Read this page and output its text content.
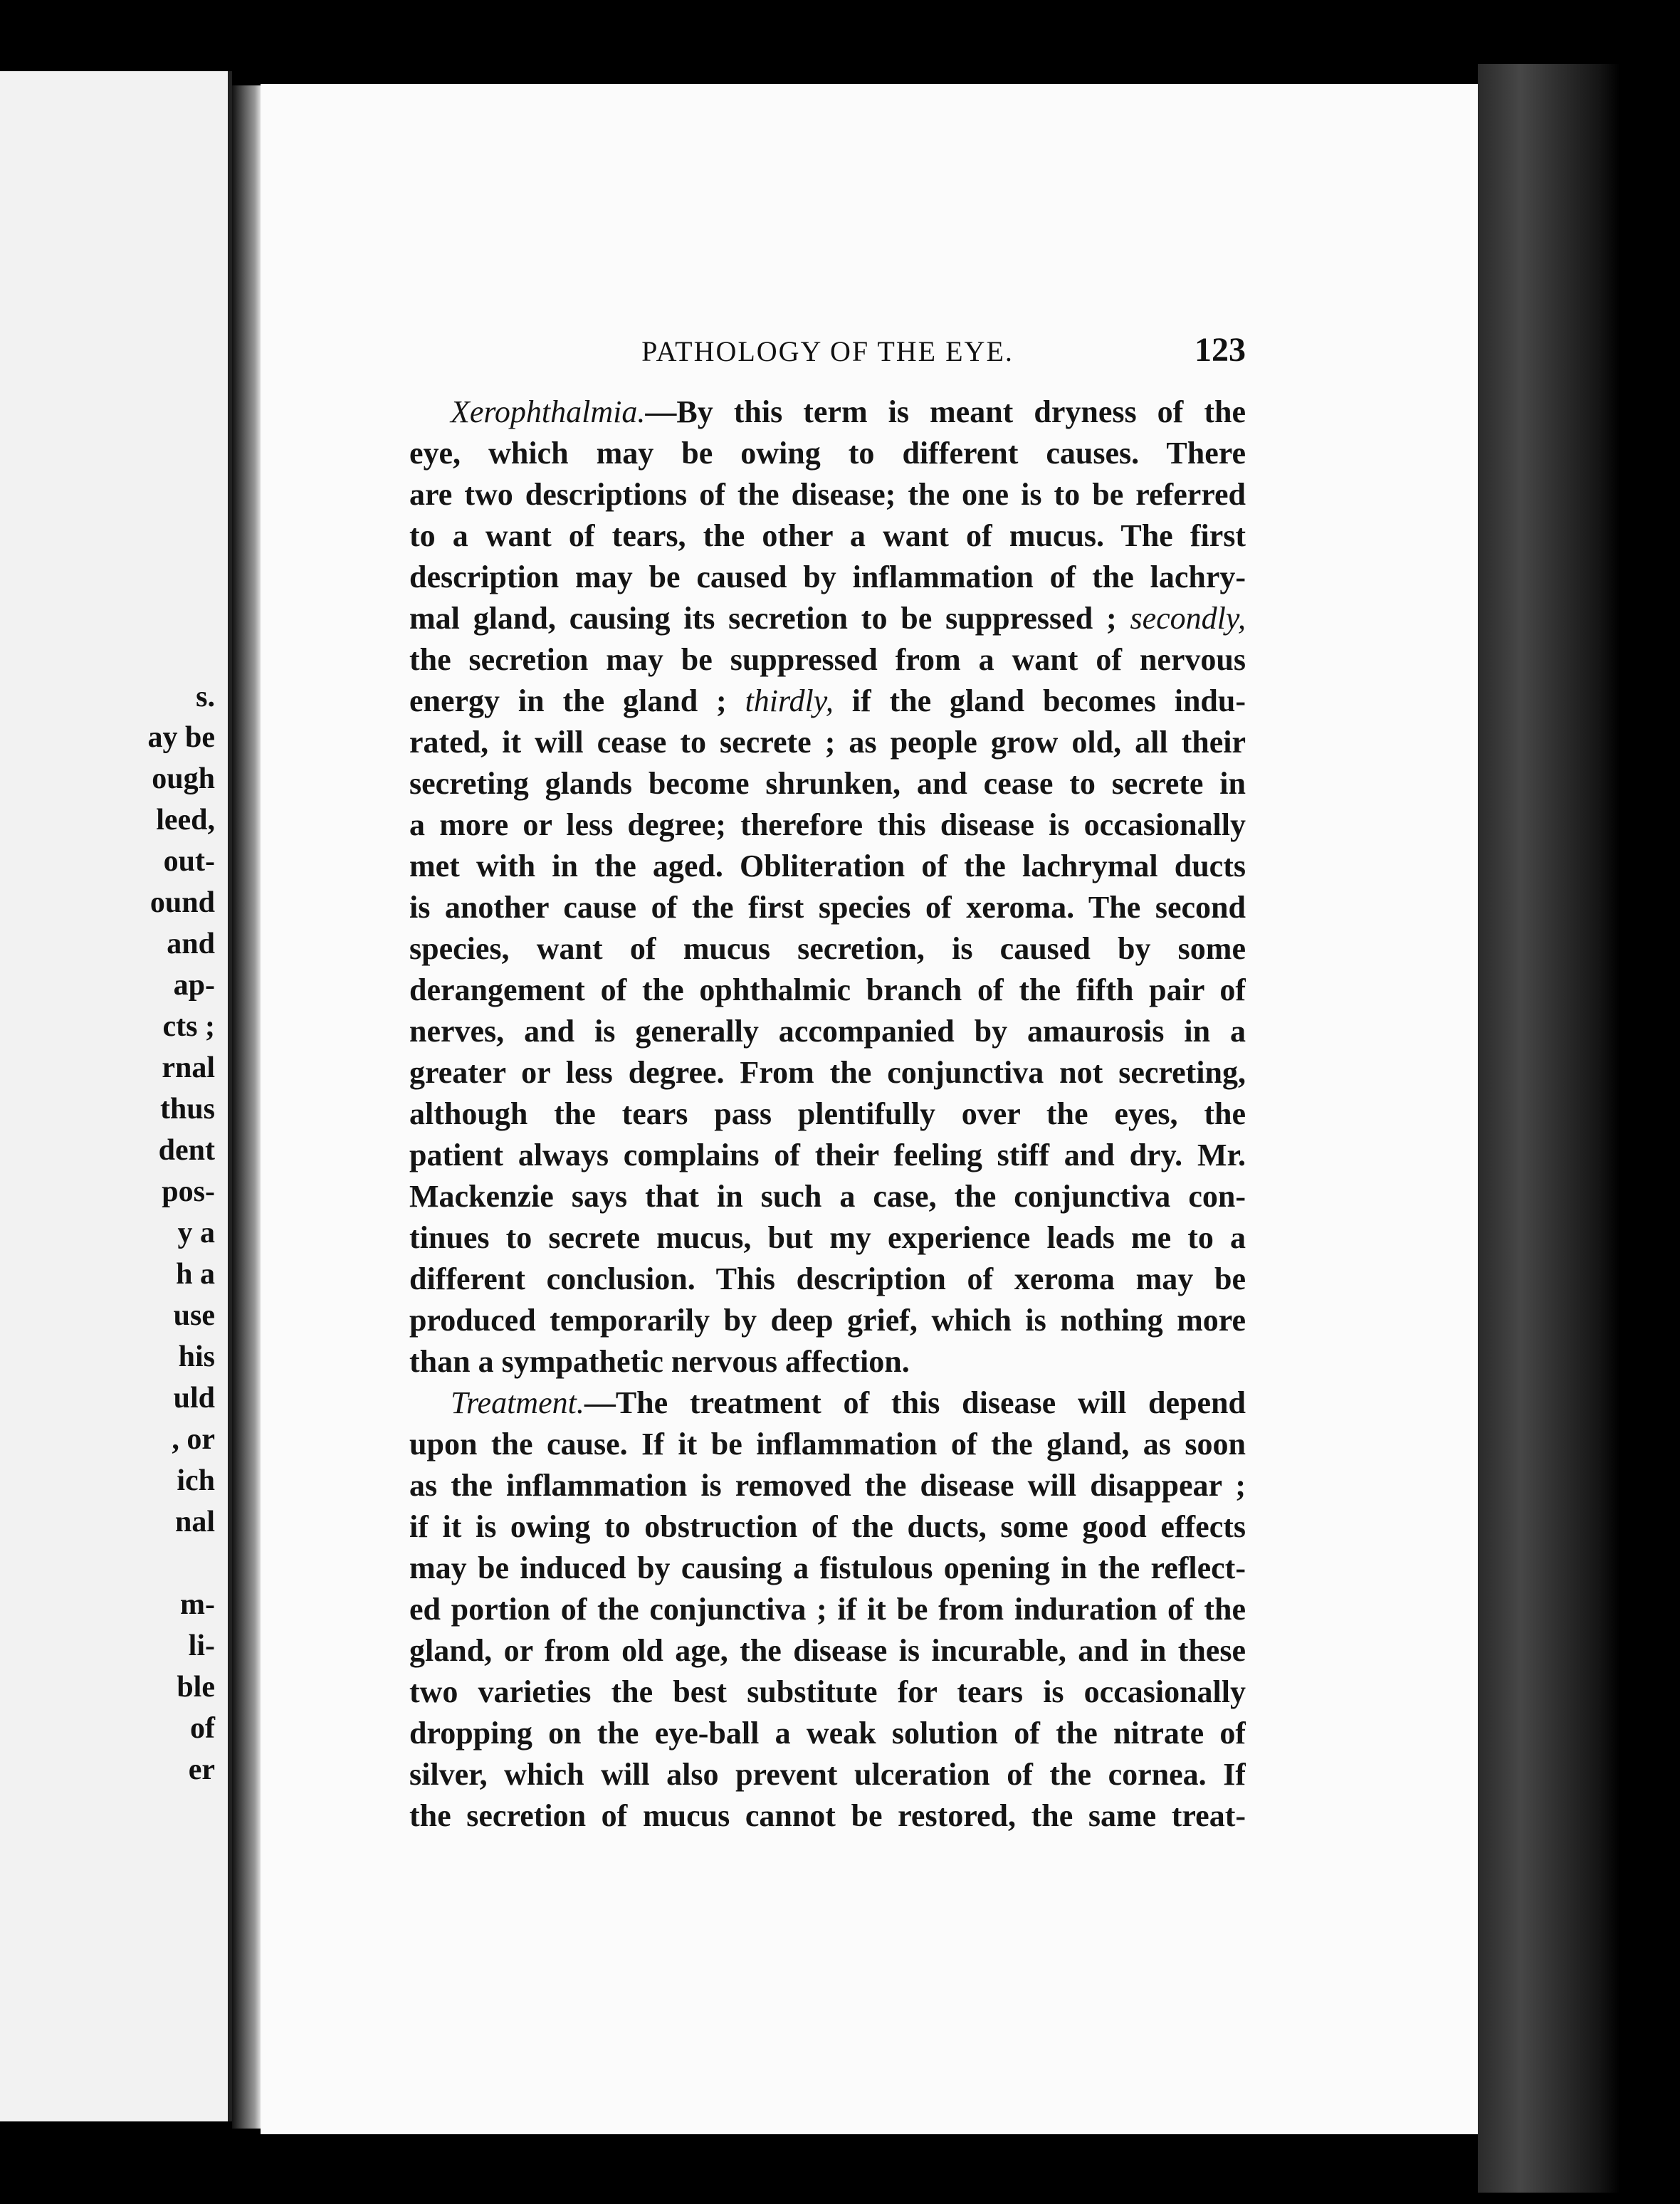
s.
ay be
ough
leed,
out-
ound
and
ap-
cts ;
rnal
thus
dent
pos-
y a
h a
use
his
uld
, or
ich
nal
m-
li-
ble
of
er
PATHOLOGY OF THE EYE.	123
Xerophthalmia.—By this term is meant dryness of the
eye, which may be owing to different causes. There
are two descriptions of the disease; the one is to be referred
to a want of tears, the other a want of mucus. The first
description may be caused by inflammation of the lachry-
mal gland, causing its secretion to be suppressed ; secondly,
the secretion may be suppressed from a want of nervous
energy in the gland ; thirdly, if the gland becomes indu-
rated, it will cease to secrete ; as people grow old, all their
secreting glands become shrunken, and cease to secrete in
a more or less degree; therefore this disease is occasionally
met with in the aged. Obliteration of the lachrymal ducts
is another cause of the first species of xeroma. The second
species, want of mucus secretion, is caused by some
derangement of the ophthalmic branch of the fifth pair of
nerves, and is generally accompanied by amaurosis in a
greater or less degree. From the conjunctiva not secreting,
although the tears pass plentifully over the eyes, the
patient always complains of their feeling stiff and dry. Mr.
Mackenzie says that in such a case, the conjunctiva con-
tinues to secrete mucus, but my experience leads me to a
different conclusion. This description of xeroma may be
produced temporarily by deep grief, which is nothing more
than a sympathetic nervous affection.
Treatment.—The treatment of this disease will depend
upon the cause. If it be inflammation of the gland, as soon
as the inflammation is removed the disease will disappear ;
if it is owing to obstruction of the ducts, some good effects
may be induced by causing a fistulous opening in the reflect-
ed portion of the conjunctiva ; if it be from induration of the
gland, or from old age, the disease is incurable, and in these
two varieties the best substitute for tears is occasionally
dropping on the eye-ball a weak solution of the nitrate of
silver, which will also prevent ulceration of the cornea. If
the secretion of mucus cannot be restored, the same treat-
